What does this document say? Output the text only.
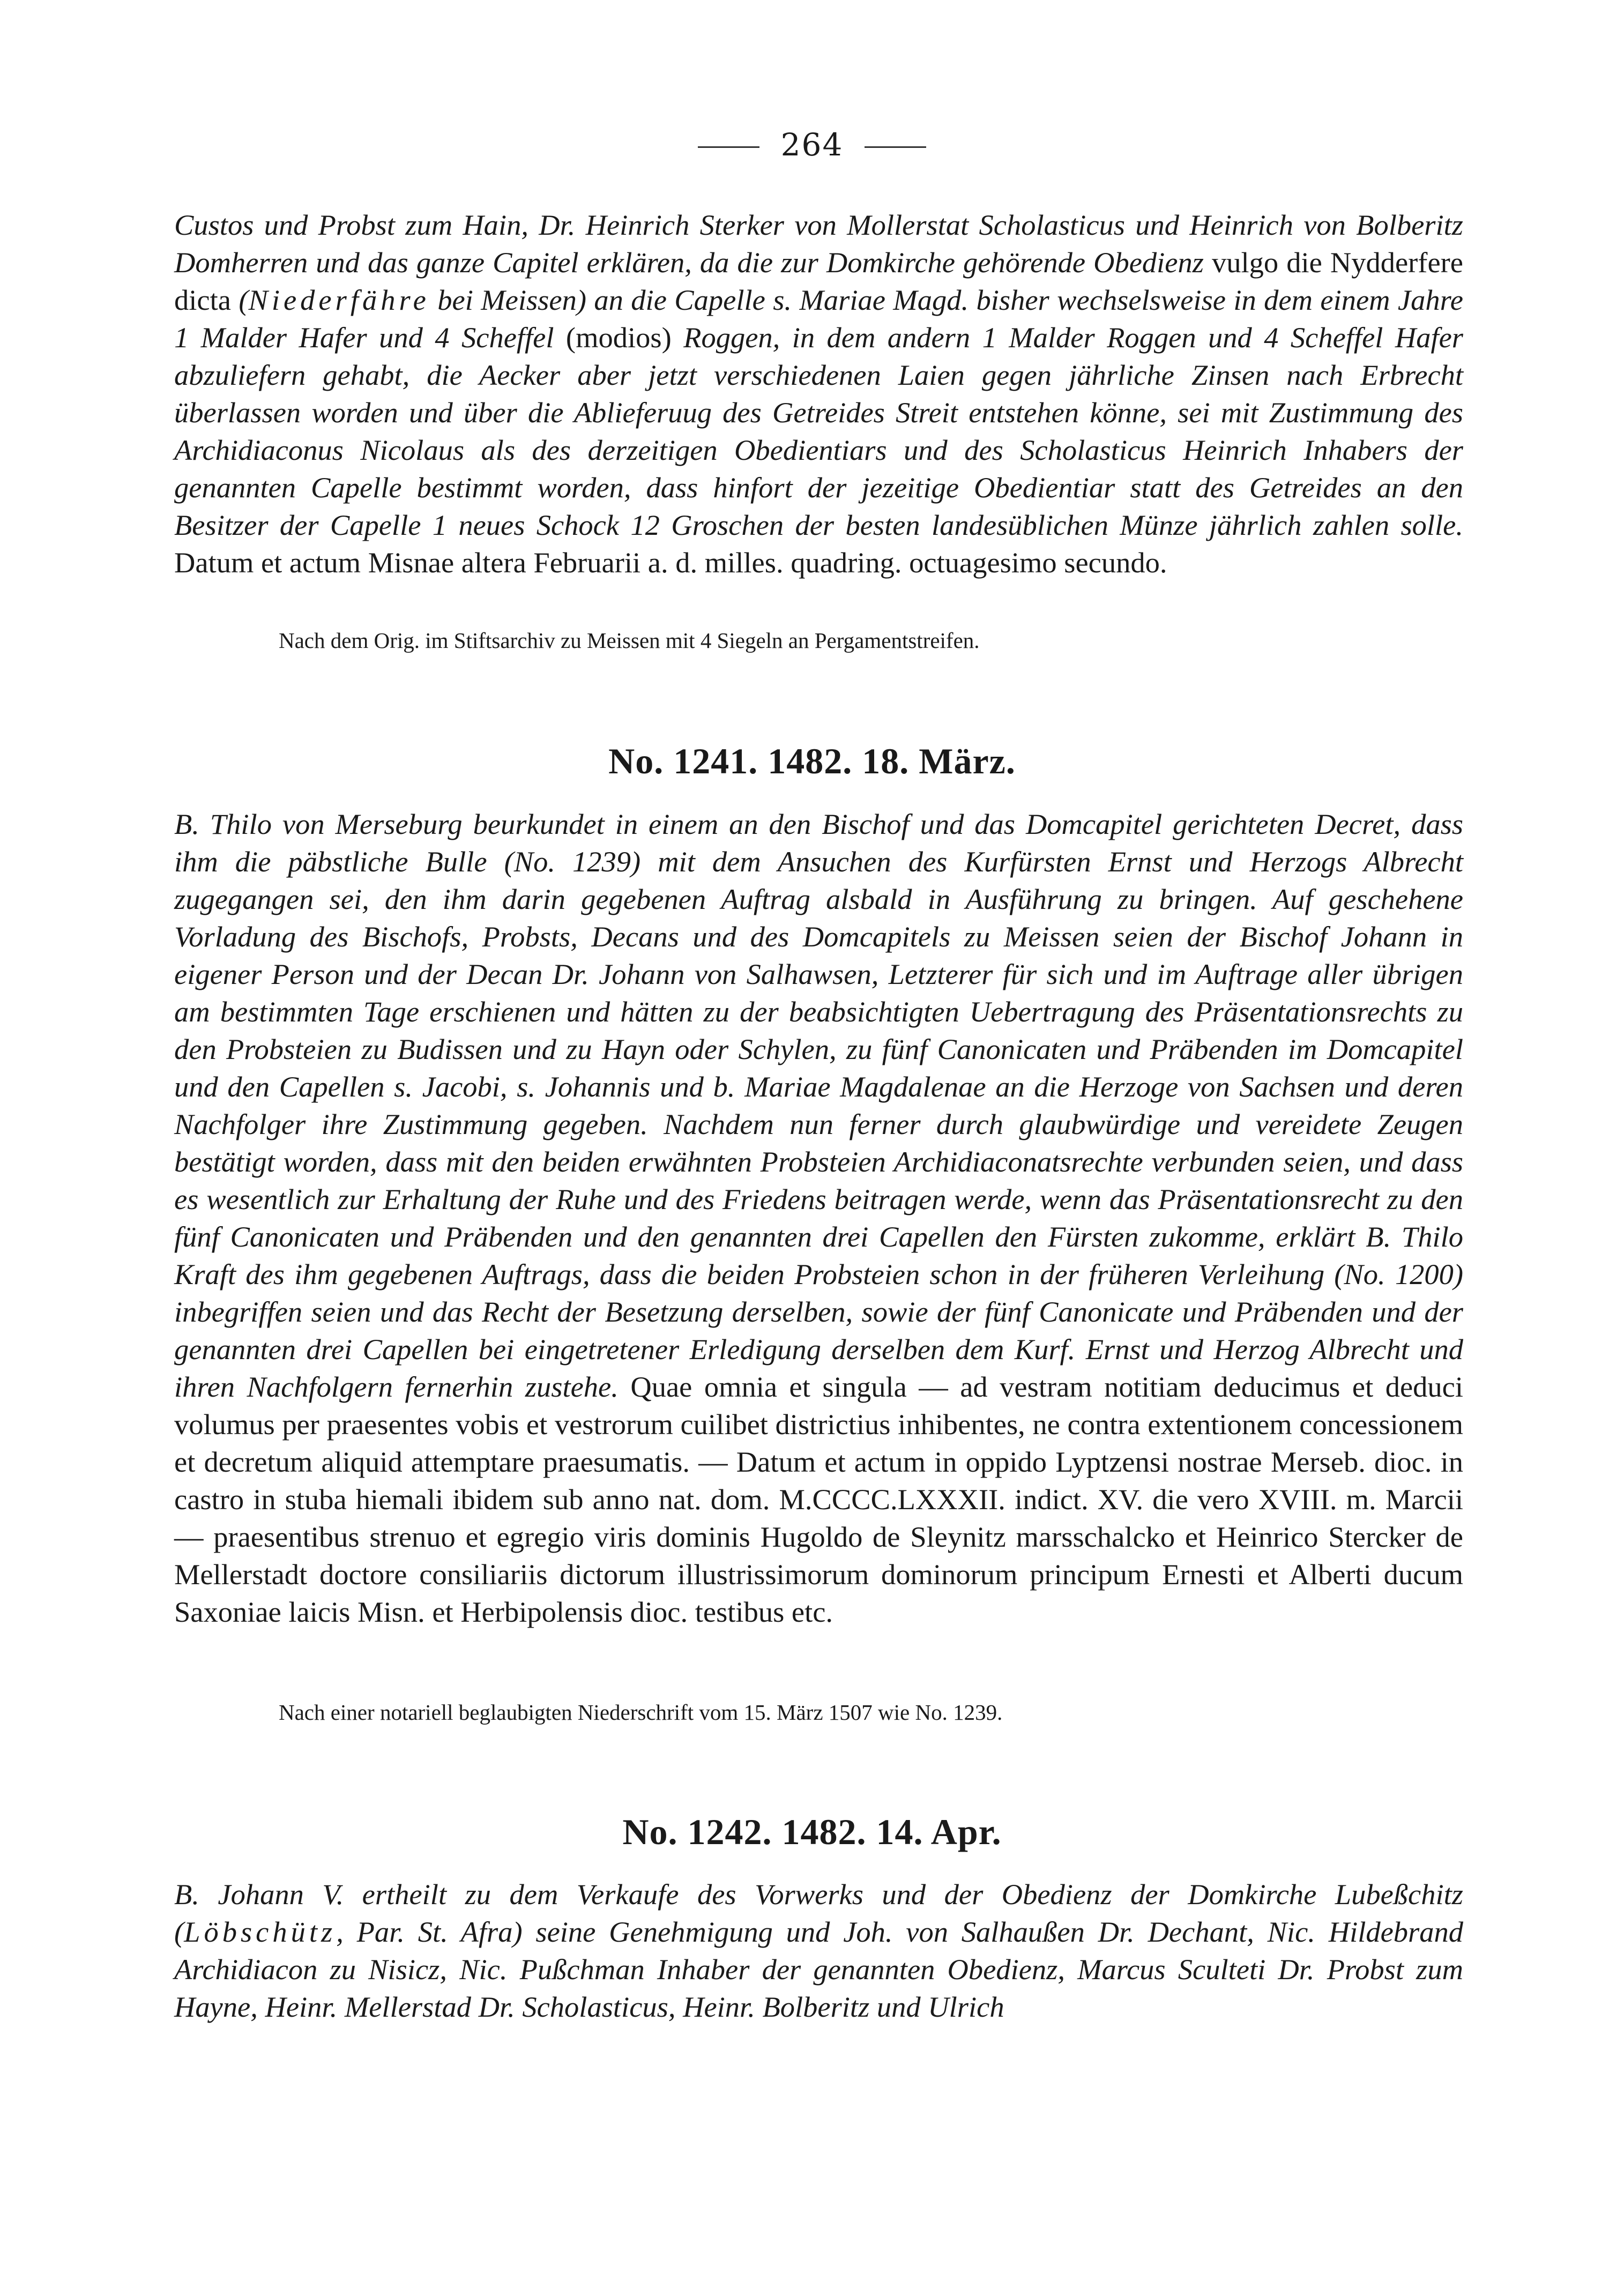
264

Custos und Probst zum Hain, Dr. Heinrich Sterker von Mollerstat Scholasticus und Heinrich von Bolberitz Domherren und das ganze Capitel erklären, da die zur Domkirche gehörende Obedienz vulgo die Nydderfere dicta (Niederfähre bei Meissen) an die Capelle s. Mariae Magd. bisher wechselsweise in dem einem Jahre 1 Malder Hafer und 4 Scheffel (modios) Roggen, in dem andern 1 Malder Roggen und 4 Scheffel Hafer abzuliefern gehabt, die Aecker aber jetzt verschiedenen Laien gegen jährliche Zinsen nach Erbrecht überlassen worden und über die Ablieferuug des Getreides Streit entstehen könne, sei mit Zustimmung des Archidiaconus Nicolaus als des derzeitigen Obedientiars und des Scholasticus Heinrich Inhabers der genannten Capelle bestimmt worden, dass hinfort der jezeitige Obedientiar statt des Getreides an den Besitzer der Capelle 1 neues Schock 12 Groschen der besten landesüblichen Münze jährlich zahlen solle. Datum et actum Misnae altera Februarii a. d. milles. quadring. octuagesimo secundo.

Nach dem Orig. im Stiftsarchiv zu Meissen mit 4 Siegeln an Pergamentstreifen.

No. 1241. 1482. 18. März.

B. Thilo von Merseburg beurkundet in einem an den Bischof und das Domcapitel gerichteten Decret, dass ihm die päbstliche Bulle (No. 1239) mit dem Ansuchen des Kurfürsten Ernst und Herzogs Albrecht zugegangen sei, den ihm darin gegebenen Auftrag alsbald in Ausführung zu bringen. Auf geschehene Vorladung des Bischofs, Probsts, Decans und des Domcapitels zu Meissen seien der Bischof Johann in eigener Person und der Decan Dr. Johann von Salhawsen, Letzterer für sich und im Auftrage aller übrigen am bestimmten Tage erschienen und hätten zu der beabsichtigten Uebertragung des Präsentationsrechts zu den Probsteien zu Budissen und zu Hayn oder Schylen, zu fünf Canonicaten und Präbenden im Domcapitel und den Capellen s. Jacobi, s. Johannis und b. Mariae Magdalenae an die Herzoge von Sachsen und deren Nachfolger ihre Zustimmung gegeben. Nachdem nun ferner durch glaubwürdige und vereidete Zeugen bestätigt worden, dass mit den beiden erwähnten Probsteien Archidiaconatsrechte verbunden seien, und dass es wesentlich zur Erhaltung der Ruhe und des Friedens beitragen werde, wenn das Präsentationsrecht zu den fünf Canonicaten und Präbenden und den genannten drei Capellen den Fürsten zukomme, erklärt B. Thilo Kraft des ihm gegebenen Auftrags, dass die beiden Probsteien schon in der früheren Verleihung (No. 1200) inbegriffen seien und das Recht der Besetzung derselben, sowie der fünf Canonicate und Präbenden und der genannten drei Capellen bei eingetretener Erledigung derselben dem Kurf. Ernst und Herzog Albrecht und ihren Nachfolgern fernerhin zustehe. Quae omnia et singula — ad vestram notitiam deducimus et deduci volumus per praesentes vobis et vestrorum cuilibet districtius inhibentes, ne contra extentionem concessionem et decretum aliquid attemptare praesumatis. — Datum et actum in oppido Lyptzensi nostrae Merseb. dioc. in castro in stuba hiemali ibidem sub anno nat. dom. M.CCCC.LXXXII. indict. XV. die vero XVIII. m. Marcii — praesentibus strenuo et egregio viris dominis Hugoldo de Sleynitz marsschalcko et Heinrico Stercker de Mellerstadt doctore consiliariis dictorum illustrissimorum dominorum principum Ernesti et Alberti ducum Saxoniae laicis Misn. et Herbipolensis dioc. testibus etc.

Nach einer notariell beglaubigten Niederschrift vom 15. März 1507 wie No. 1239.

No. 1242. 1482. 14. Apr.

B. Johann V. ertheilt zu dem Verkaufe des Vorwerks und der Obedienz der Domkirche Lubeßchitz (Löbschütz, Par. St. Afra) seine Genehmigung und Joh. von Salhaußen Dr. Dechant, Nic. Hildebrand Archidiacon zu Nisicz, Nic. Pußchman Inhaber der genannten Obedienz, Marcus Sculteti Dr. Probst zum Hayne, Heinr. Mellerstad Dr. Scholasticus, Heinr. Bolberitz und Ulrich
